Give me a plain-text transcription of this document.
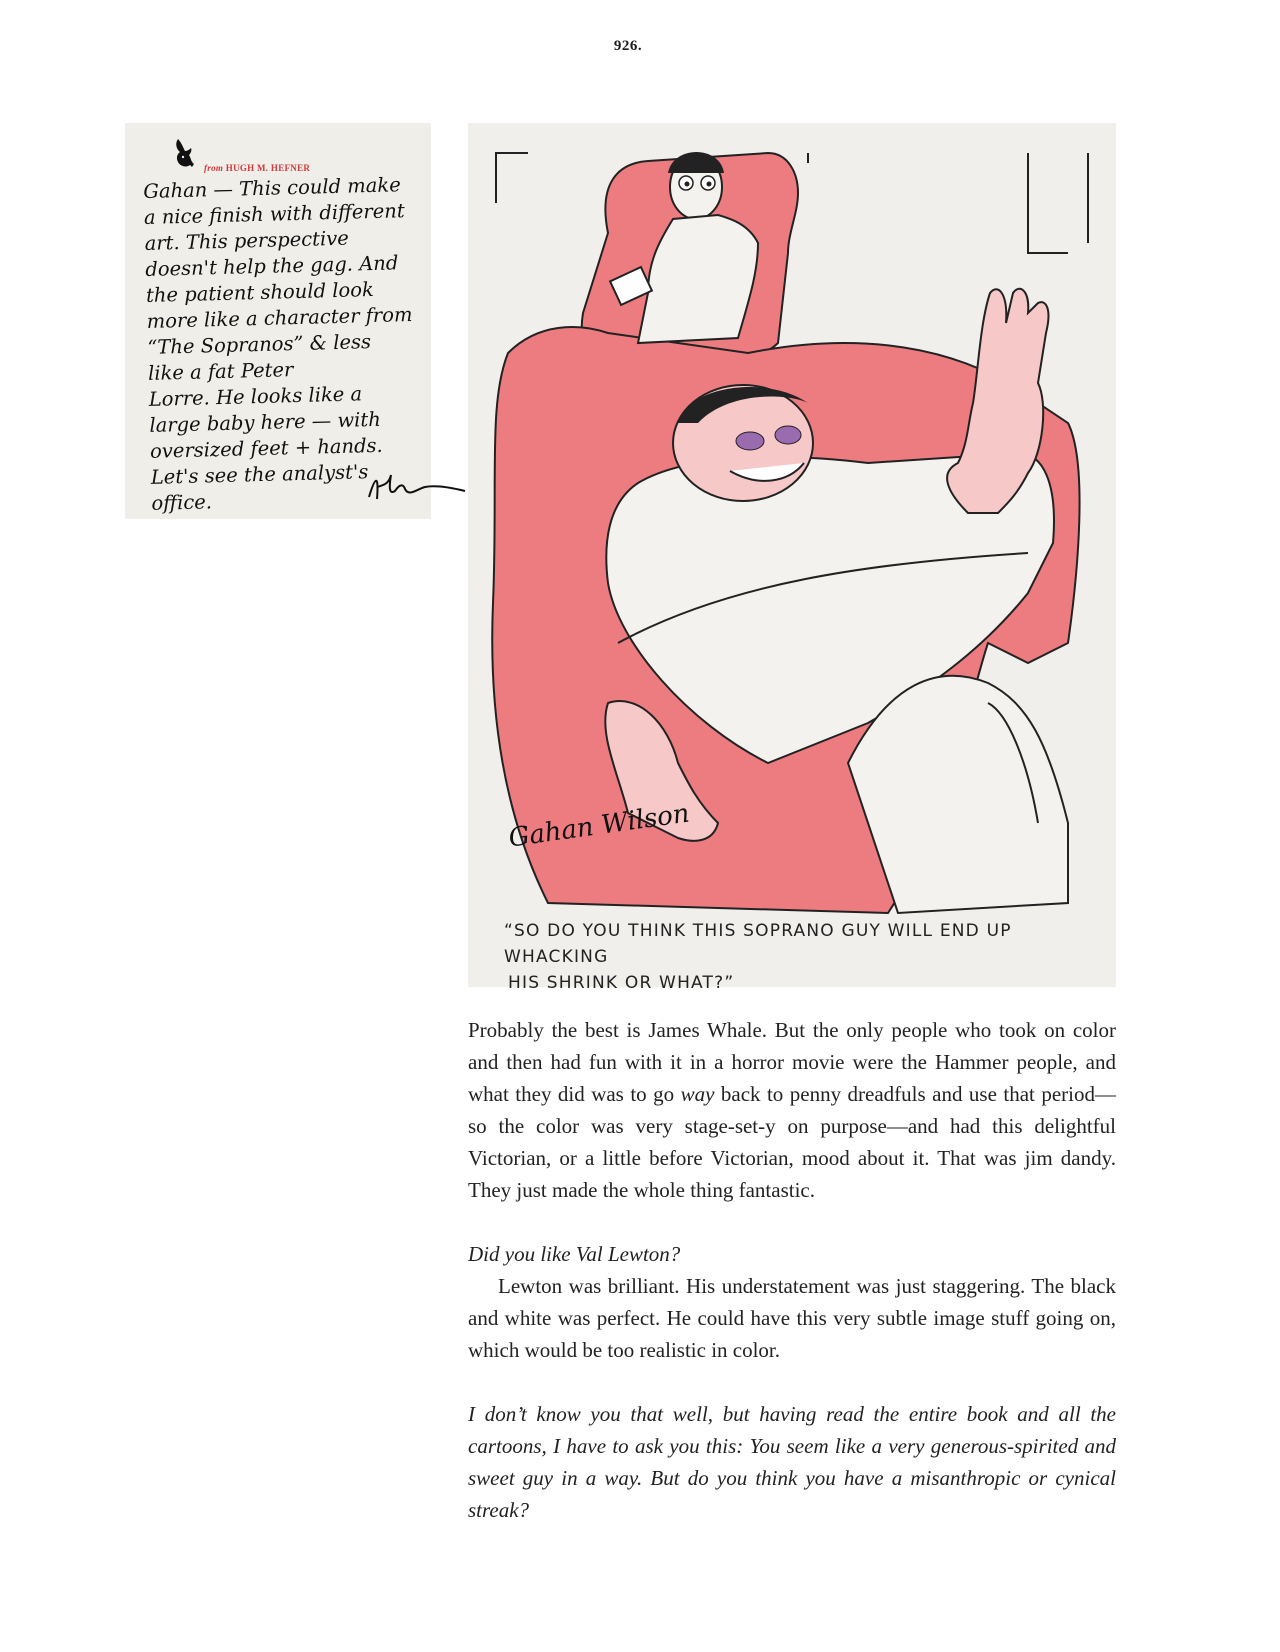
926.
from HUGH M. HEFNER
Gahan — This could make
a nice finish with different
art. This perspective
doesn't help the gag. And
the patient should look
more like a character from
“The Sopranos” & less
like a fat Peter
Lorre. He looks like a
large baby here — with
oversized feet + hands.
Let's see the analyst's
office.
Gahan Wilson
“SO DO YOU THINK THIS SOPRANO GUY WILL END UP WHACKING
HIS SHRINK OR WHAT?”

Probably the best is James Whale. But the only people who took on color and then had fun with it in a horror movie were the Hammer people, and what they did was to go way back to penny dreadfuls and use that period—so the color was very stage-set-y on purpose—and had this delightful Victorian, or a little before Victorian, mood about it. That was jim dandy. They just made the whole thing fantastic.

Did you like Val Lewton?

Lewton was brilliant. His understatement was just staggering. The black and white was perfect. He could have this very subtle image stuff going on, which would be too realistic in color.

I don’t know you that well, but having read the entire book and all the cartoons, I have to ask you this: You seem like a very generous-spirited and sweet guy in a way. But do you think you have a misanthropic or cynical streak?
